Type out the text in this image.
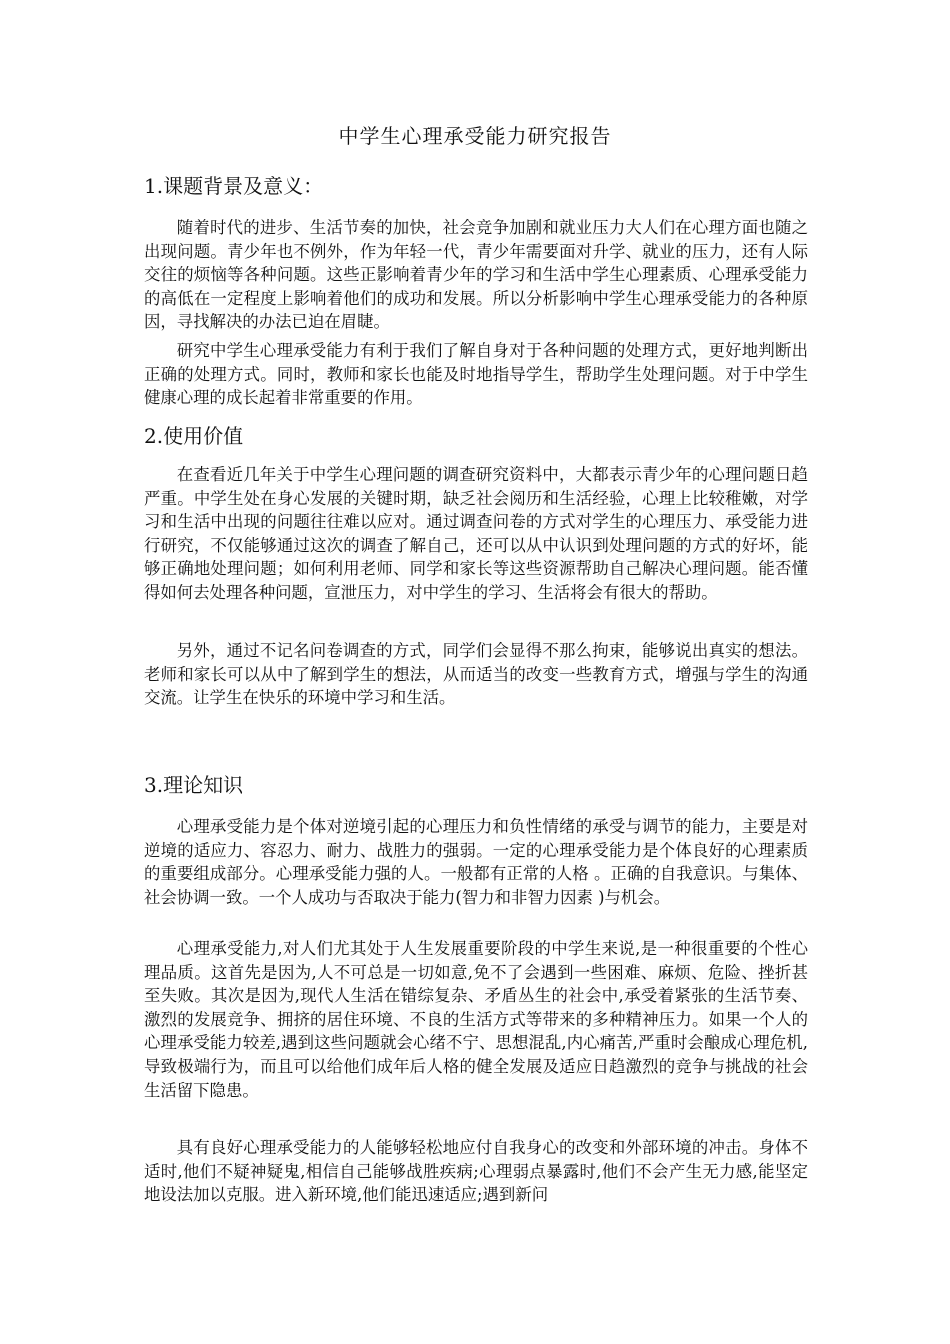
中学生心理承受能力研究报告
1.课题背景及意义：

随着时代的进步、生活节奏的加快，社会竞争加剧和就业压力大人们在心理方面也随之出现问题。青少年也不例外，作为年轻一代，青少年需要面对升学、就业的压力，还有人际交往的烦恼等各种问题。这些正影响着青少年的学习和生活中学生心理素质、心理承受能力的高低在一定程度上影响着他们的成功和发展。所以分析影响中学生心理承受能力的各种原因，寻找解决的办法已迫在眉睫。

研究中学生心理承受能力有利于我们了解自身对于各种问题的处理方式，更好地判断出正确的处理方式。同时，教师和家长也能及时地指导学生，帮助学生处理问题。对于中学生健康心理的成长起着非常重要的作用。

2.使用价值

在查看近几年关于中学生心理问题的调查研究资料中，大都表示青少年的心理问题日趋严重。中学生处在身心发展的关键时期，缺乏社会阅历和生活经验，心理上比较稚嫩，对学习和生活中出现的问题往往难以应对。通过调查问卷的方式对学生的心理压力、承受能力进行研究，不仅能够通过这次的调查了解自己，还可以从中认识到处理问题的方式的好坏，能够正确地处理问题；如何利用老师、同学和家长等这些资源帮助自己解决心理问题。能否懂得如何去处理各种问题，宣泄压力，对中学生的学习、生活将会有很大的帮助。

另外，通过不记名问卷调查的方式，同学们会显得不那么拘束，能够说出真实的想法。老师和家长可以从中了解到学生的想法，从而适当的改变一些教育方式，增强与学生的沟通交流。让学生在快乐的环境中学习和生活。

3.理论知识

心理承受能力是个体对逆境引起的心理压力和负性情绪的承受与调节的能力，主要是对逆境的适应力、容忍力、耐力、战胜力的强弱。一定的心理承受能力是个体良好的心理素质的重要组成部分。心理承受能力强的人。一般都有正常的人格 。正确的自我意识。与集体、社会协调一致。一个人成功与否取决于能力(智力和非智力因素 )与机会。

心理承受能力,对人们尤其处于人生发展重要阶段的中学生来说,是一种很重要的个性心理品质。这首先是因为,人不可总是一切如意,免不了会遇到一些困难、麻烦、危险、挫折甚至失败。其次是因为,现代人生活在错综复杂、矛盾丛生的社会中,承受着紧张的生活节奏、激烈的发展竞争、拥挤的居住环境、不良的生活方式等带来的多种精神压力。如果一个人的心理承受能力较差,遇到这些问题就会心绪不宁、思想混乱,内心痛苦,严重时会酿成心理危机,导致极端行为，而且可以给他们成年后人格的健全发展及适应日趋激烈的竞争与挑战的社会生活留下隐患。

具有良好心理承受能力的人能够轻松地应付自我身心的改变和外部环境的冲击。身体不适时,他们不疑神疑鬼,相信自己能够战胜疾病;心理弱点暴露时,他们不会产生无力感,能坚定地设法加以克服。进入新环境,他们能迅速适应;遇到新问
